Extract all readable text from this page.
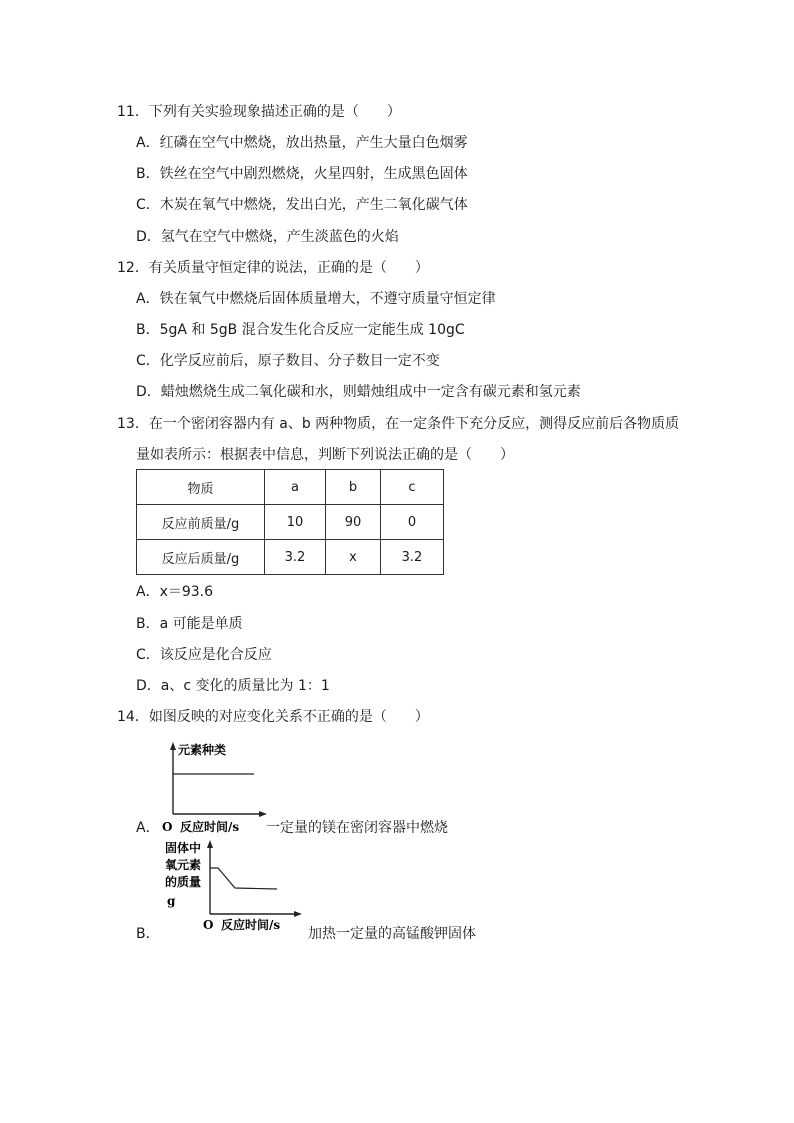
11．下列有关实验现象描述正确的是（　　）
A．红磷在空气中燃烧，放出热量，产生大量白色烟雾
B．铁丝在空气中剧烈燃烧，火星四射，生成黑色固体
C．木炭在氧气中燃烧，发出白光，产生二氧化碳气体
D．氢气在空气中燃烧，产生淡蓝色的火焰
12．有关质量守恒定律的说法，正确的是（　　）
A．铁在氧气中燃烧后固体质量增大，不遵守质量守恒定律
B．5gA 和 5gB 混合发生化合反应一定能生成 10gC
C．化学反应前后，原子数目、分子数目一定不变
D．蜡烛燃烧生成二氧化碳和水，则蜡烛组成中一定含有碳元素和氢元素
13．在一个密闭容器内有 a、b 两种物质，在一定条件下充分反应，测得反应前后各物质质
量如表所示：根据表中信息，判断下列说法正确的是（　　）
物质	a	b	c
反应前质量/g	10	90	0
反应后质量/g	3.2	x	3.2
A．x＝93.6
B．a 可能是单质
C．该反应是化合反应
D．a、c 变化的质量比为 1：1
14．如图反映的对应变化关系不正确的是（　　）
元素种类
O 反应时间/s
A．	一定量的镁在密闭容器中燃烧
固体中
氧元素
的质量
g
O 反应时间/s
B．	加热一定量的高锰酸钾固体
